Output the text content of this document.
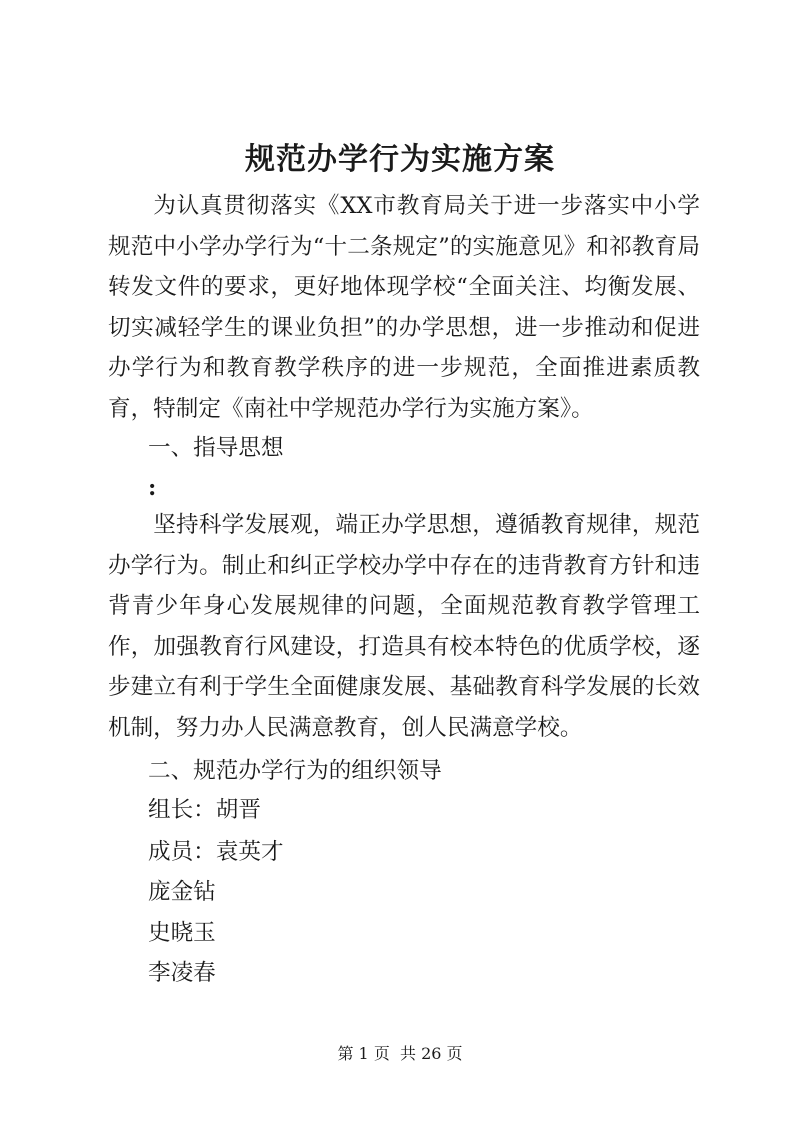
规范办学行为实施方案

为认真贯彻落实《XX市教育局关于进一步落实中小学规范中小学办学行为“十二条规定”的实施意见》和祁教育局转发文件的要求，更好地体现学校“全面关注、均衡发展、切实减轻学生的课业负担”的办学思想，进一步推动和促进办学行为和教育教学秩序的进一步规范，全面推进素质教育，特制定《南社中学规范办学行为实施方案》。

一、指导思想

:

坚持科学发展观，端正办学思想，遵循教育规律，规范办学行为。制止和纠正学校办学中存在的违背教育方针和违背青少年身心发展规律的问题，全面规范教育教学管理工作，加强教育行风建设，打造具有校本特色的优质学校，逐步建立有利于学生全面健康发展、基础教育科学发展的长效机制，努力办人民满意教育，创人民满意学校。

二、规范办学行为的组织领导

组长：胡晋

成员：袁英才

庞金钻

史晓玉

李凌春

第 1 页  共 26 页
